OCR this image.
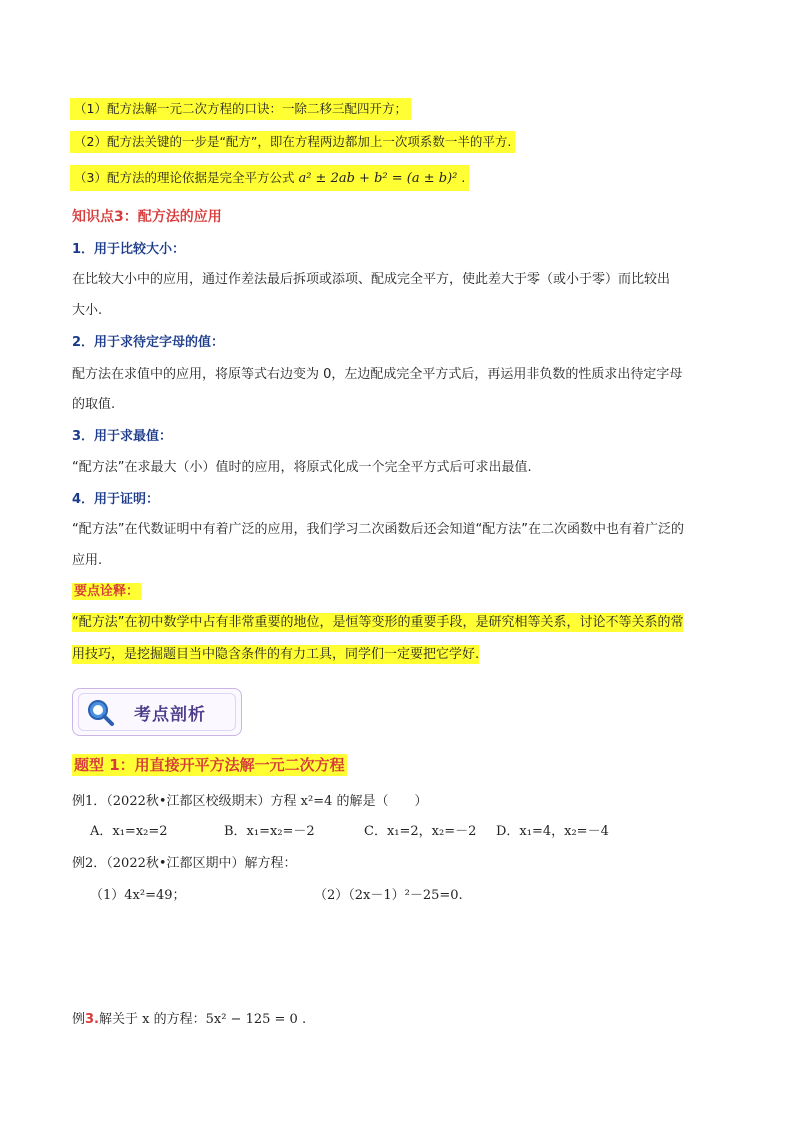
（1）配方法解一元二次方程的口诀：一除二移三配四开方；
（2）配方法关键的一步是“配方”，即在方程两边都加上一次项系数一半的平方.
（3）配方法的理论依据是完全平方公式 a² ± 2ab + b² = (a ± b)² .
知识点3：配方法的应用
1．用于比较大小：
在比较大小中的应用，通过作差法最后拆项或添项、配成完全平方，使此差大于零（或小于零）而比较出
大小.
2．用于求待定字母的值：
配方法在求值中的应用，将原等式右边变为 0，左边配成完全平方式后，再运用非负数的性质求出待定字母
的取值.
3．用于求最值：
“配方法”在求最大（小）值时的应用，将原式化成一个完全平方式后可求出最值.
4．用于证明：
“配方法”在代数证明中有着广泛的应用，我们学习二次函数后还会知道“配方法”在二次函数中也有着广泛的
应用.
要点诠释：
“配方法”在初中数学中占有非常重要的地位，是恒等变形的重要手段，是研究相等关系，讨论不等关系的常
用技巧，是挖掘题目当中隐含条件的有力工具，同学们一定要把它学好.
考点剖析
题型 1：用直接开平方法解一元二次方程
例1．（2022秋•江都区校级期末）方程 x²=4 的解是（　　）
A．x₁=x₂=2	B．x₁=x₂=－2	C．x₁=2，x₂=－2 D．x₁=4，x₂=－4
例2．（2022秋•江都区期中）解方程：
（1）4x²=49；	（2）（2x－1）²－25=0.
例3.解关于 x 的方程：5x² − 125 = 0 .
